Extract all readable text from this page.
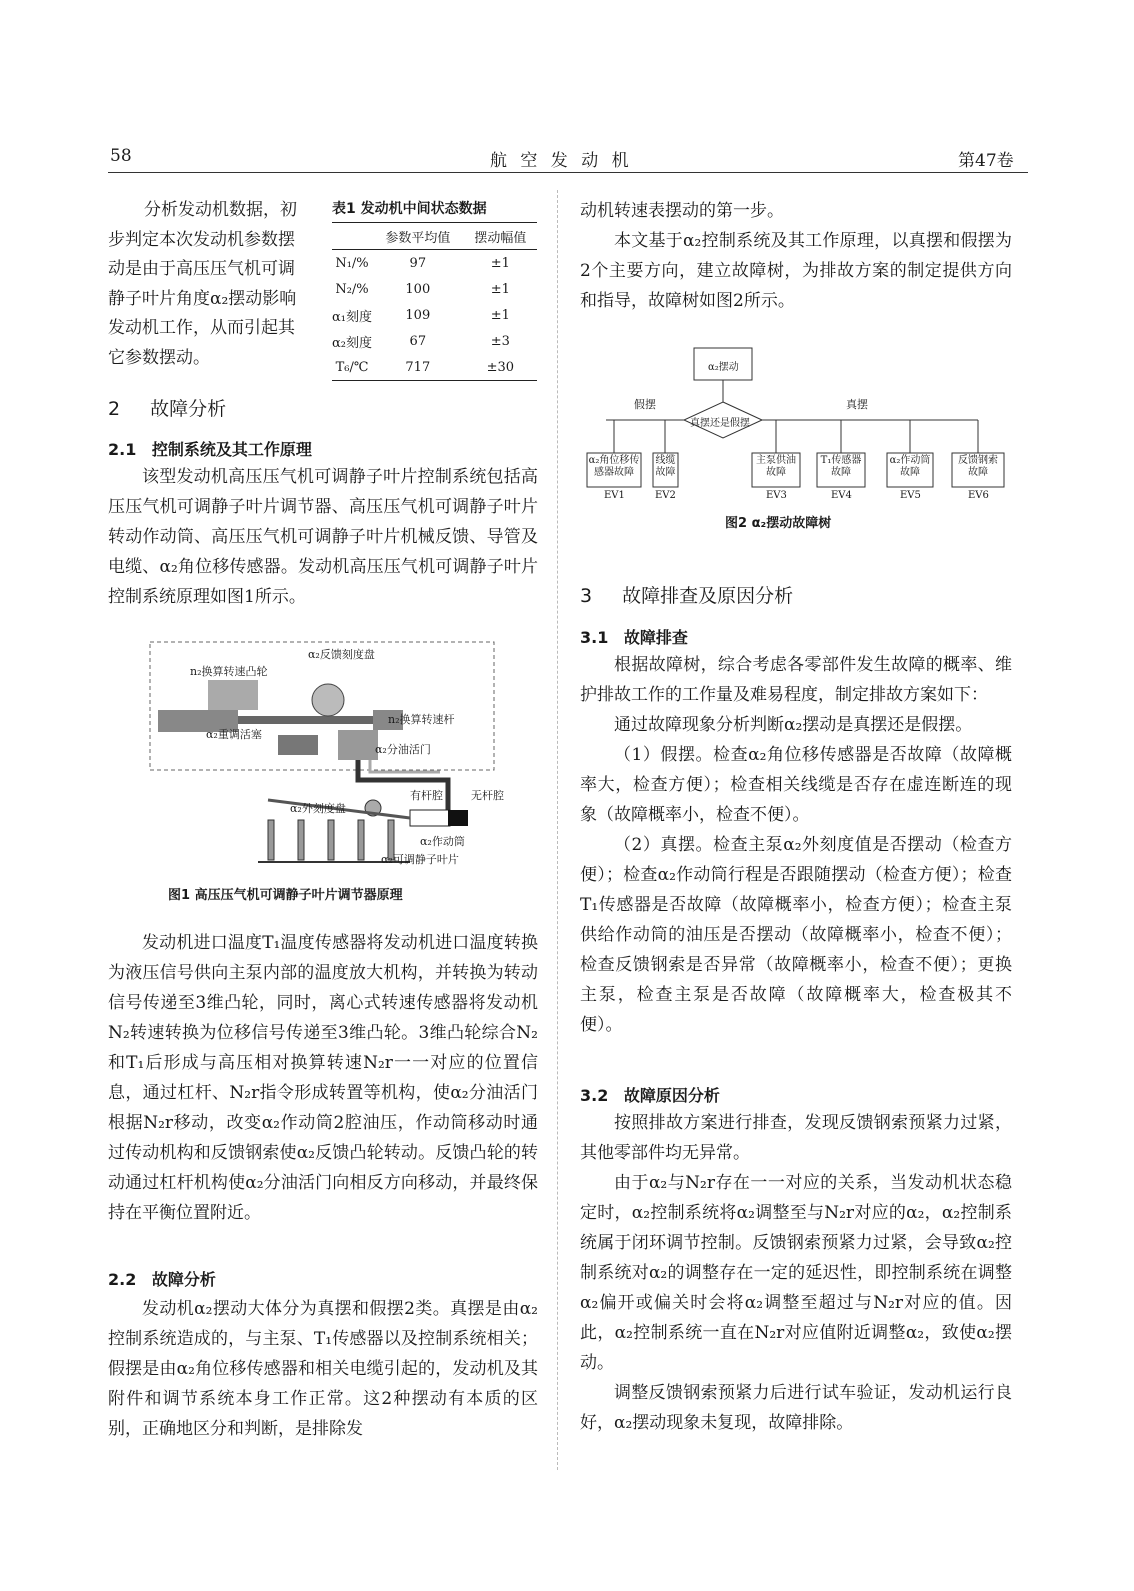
58	航 空 发 动 机	第47卷
分析发动机数据，初
步判定本次发动机参数摆
动是由于高压压气机可调
静子叶片角度α₂摆动影响
发动机工作，从而引起其
它参数摆动。
表1 发动机中间状态数据
	参数平均值	摆动幅值
N₁/%	97	±1
N₂/%	100	±1
α₁刻度	109	±1
α₂刻度	67	±3
T₆/℃	717	±30
2 故障分析
2.1 控制系统及其工作原理

该型发动机高压压气机可调静子叶片控制系统包括高压压气机可调静子叶片调节器、高压压气机可调静子叶片转动作动筒、高压压气机可调静子叶片机械反馈、导管及电缆、α₂角位移传感器。发动机高压压气机可调静子叶片控制系统原理如图1所示。

n₂换算转速凸轮
α₂反馈刻度盘
n₂换算转速杆
α₂重调活塞
α₂分油活门
α₂外刻度盘
有杆腔	无杆腔
α₂作动筒
α₂可调静子叶片
图1 高压压气机可调静子叶片调节器原理

发动机进口温度T₁温度传感器将发动机进口温度转换为液压信号供向主泵内部的温度放大机构，并转换为转动信号传递至3维凸轮，同时，离心式转速传感器将发动机N₂转速转换为位移信号传递至3维凸轮。3维凸轮综合N₂和T₁后形成与高压相对换算转速N₂r一一对应的位置信息，通过杠杆、N₂r指令形成转置等机构，使α₂分油活门根据N₂r移动，改变α₂作动筒2腔油压，作动筒移动时通过传动机构和反馈钢索使α₂反馈凸轮转动。反馈凸轮的转动通过杠杆机构使α₂分油活门向相反方向移动，并最终保持在平衡位置附近。

2.2 故障分析

发动机α₂摆动大体分为真摆和假摆2类。真摆是由α₂控制系统造成的，与主泵、T₁传感器以及控制系统相关；假摆是由α₂角位移传感器和相关电缆引起的，发动机及其附件和调节系统本身工作正常。这2种摆动有本质的区别，正确地区分和判断，是排除发

动机转速表摆动的第一步。

本文基于α₂控制系统及其工作原理，以真摆和假摆为2个主要方向，建立故障树，为排故方案的制定提供方向和指导，故障树如图2所示。

α₂摆动
真摆还是假摆
假摆	真摆
α₂角位移传
感器故障
线缆
故障
主泵供油
故障
T₁传感器
故障
α₂作动筒
故障
反馈钢索
故障
EV1	EV2	EV3	EV4	EV5	EV6
图2 α₂摆动故障树
3 故障排查及原因分析
3.1 故障排查

根据故障树，综合考虑各零部件发生故障的概率、维护排故工作的工作量及难易程度，制定排故方案如下：

通过故障现象分析判断α₂摆动是真摆还是假摆。

（1）假摆。检查α₂角位移传感器是否故障（故障概率大，检查方便）；检查相关线缆是否存在虚连断连的现象（故障概率小，检查不便）。

（2）真摆。检查主泵α₂外刻度值是否摆动（检查方便）；检查α₂作动筒行程是否跟随摆动（检查方便）；检查T₁传感器是否故障（故障概率小，检查方便）；检查主泵供给作动筒的油压是否摆动（故障概率小，检查不便）；检查反馈钢索是否异常（故障概率小，检查不便）；更换主泵，检查主泵是否故障（故障概率大，检查极其不便）。

3.2 故障原因分析

按照排故方案进行排查，发现反馈钢索预紧力过紧，其他零部件均无异常。

由于α₂与N₂r存在一一对应的关系，当发动机状态稳定时，α₂控制系统将α₂调整至与N₂r对应的α₂，α₂控制系统属于闭环调节控制。反馈钢索预紧力过紧，会导致α₂控制系统对α₂的调整存在一定的延迟性，即控制系统在调整α₂偏开或偏关时会将α₂调整至超过与N₂r对应的值。因此，α₂控制系统一直在N₂r对应值附近调整α₂，致使α₂摆动。

调整反馈钢索预紧力后进行试车验证，发动机运行良好，α₂摆动现象未复现，故障排除。
